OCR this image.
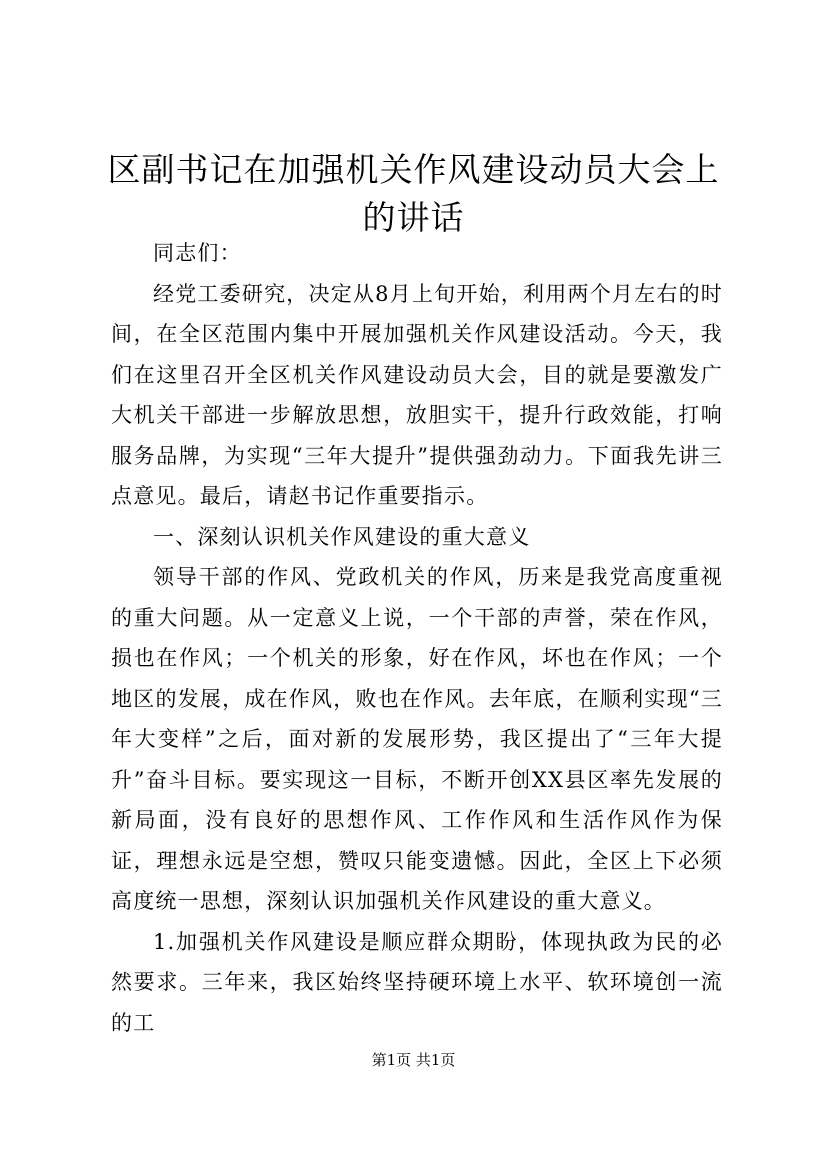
区副书记在加强机关作风建设动员大会上的讲话

同志们：

经党工委研究，决定从8月上旬开始，利用两个月左右的时间，在全区范围内集中开展加强机关作风建设活动。今天，我们在这里召开全区机关作风建设动员大会，目的就是要激发广大机关干部进一步解放思想，放胆实干，提升行政效能，打响服务品牌，为实现“三年大提升”提供强劲动力。下面我先讲三点意见。最后，请赵书记作重要指示。

一、深刻认识机关作风建设的重大意义

领导干部的作风、党政机关的作风，历来是我党高度重视的重大问题。从一定意义上说，一个干部的声誉，荣在作风，损也在作风；一个机关的形象，好在作风，坏也在作风；一个地区的发展，成在作风，败也在作风。去年底，在顺利实现“三年大变样”之后，面对新的发展形势，我区提出了“三年大提升”奋斗目标。要实现这一目标，不断开创XX县区率先发展的新局面，没有良好的思想作风、工作作风和生活作风作为保证，理想永远是空想，赞叹只能变遗憾。因此，全区上下必须高度统一思想，深刻认识加强机关作风建设的重大意义。

1.加强机关作风建设是顺应群众期盼，体现执政为民的必然要求。三年来，我区始终坚持硬环境上水平、软环境创一流的工

第1页 共1页
